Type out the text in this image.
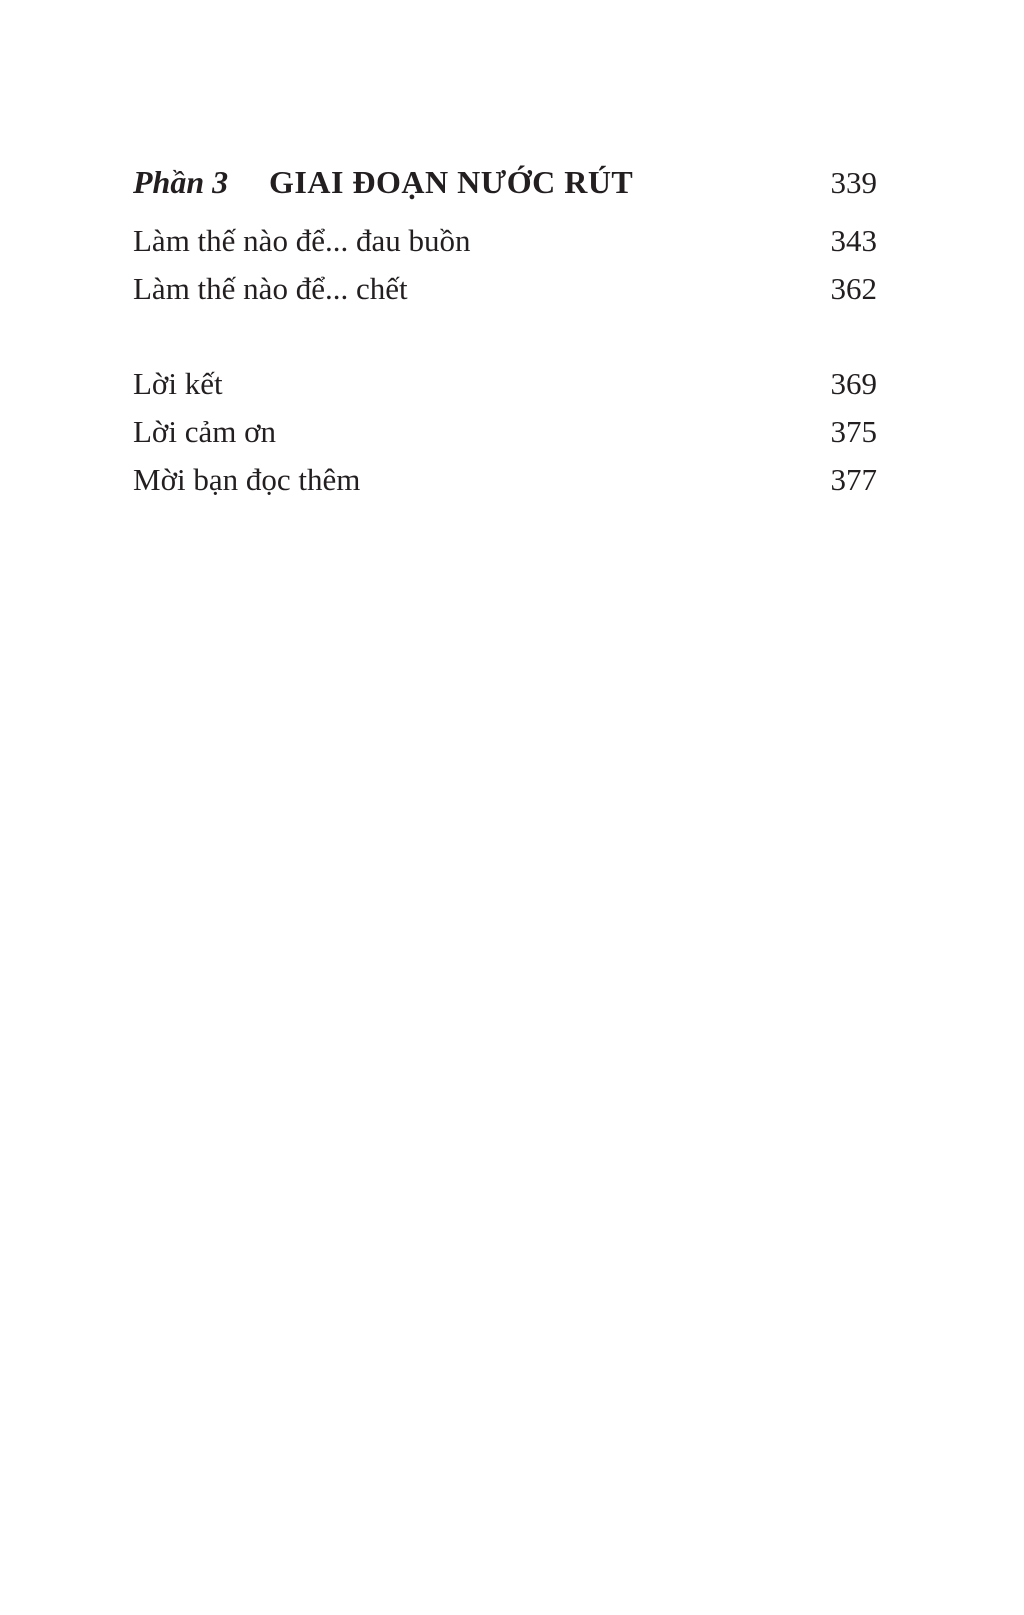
Phần 3 GIAI ĐOẠN NƯỚC RÚT	339
Làm thế nào để... đau buồn	343
Làm thế nào để... chết	362
Lời kết	369
Lời cảm ơn	375
Mời bạn đọc thêm	377
